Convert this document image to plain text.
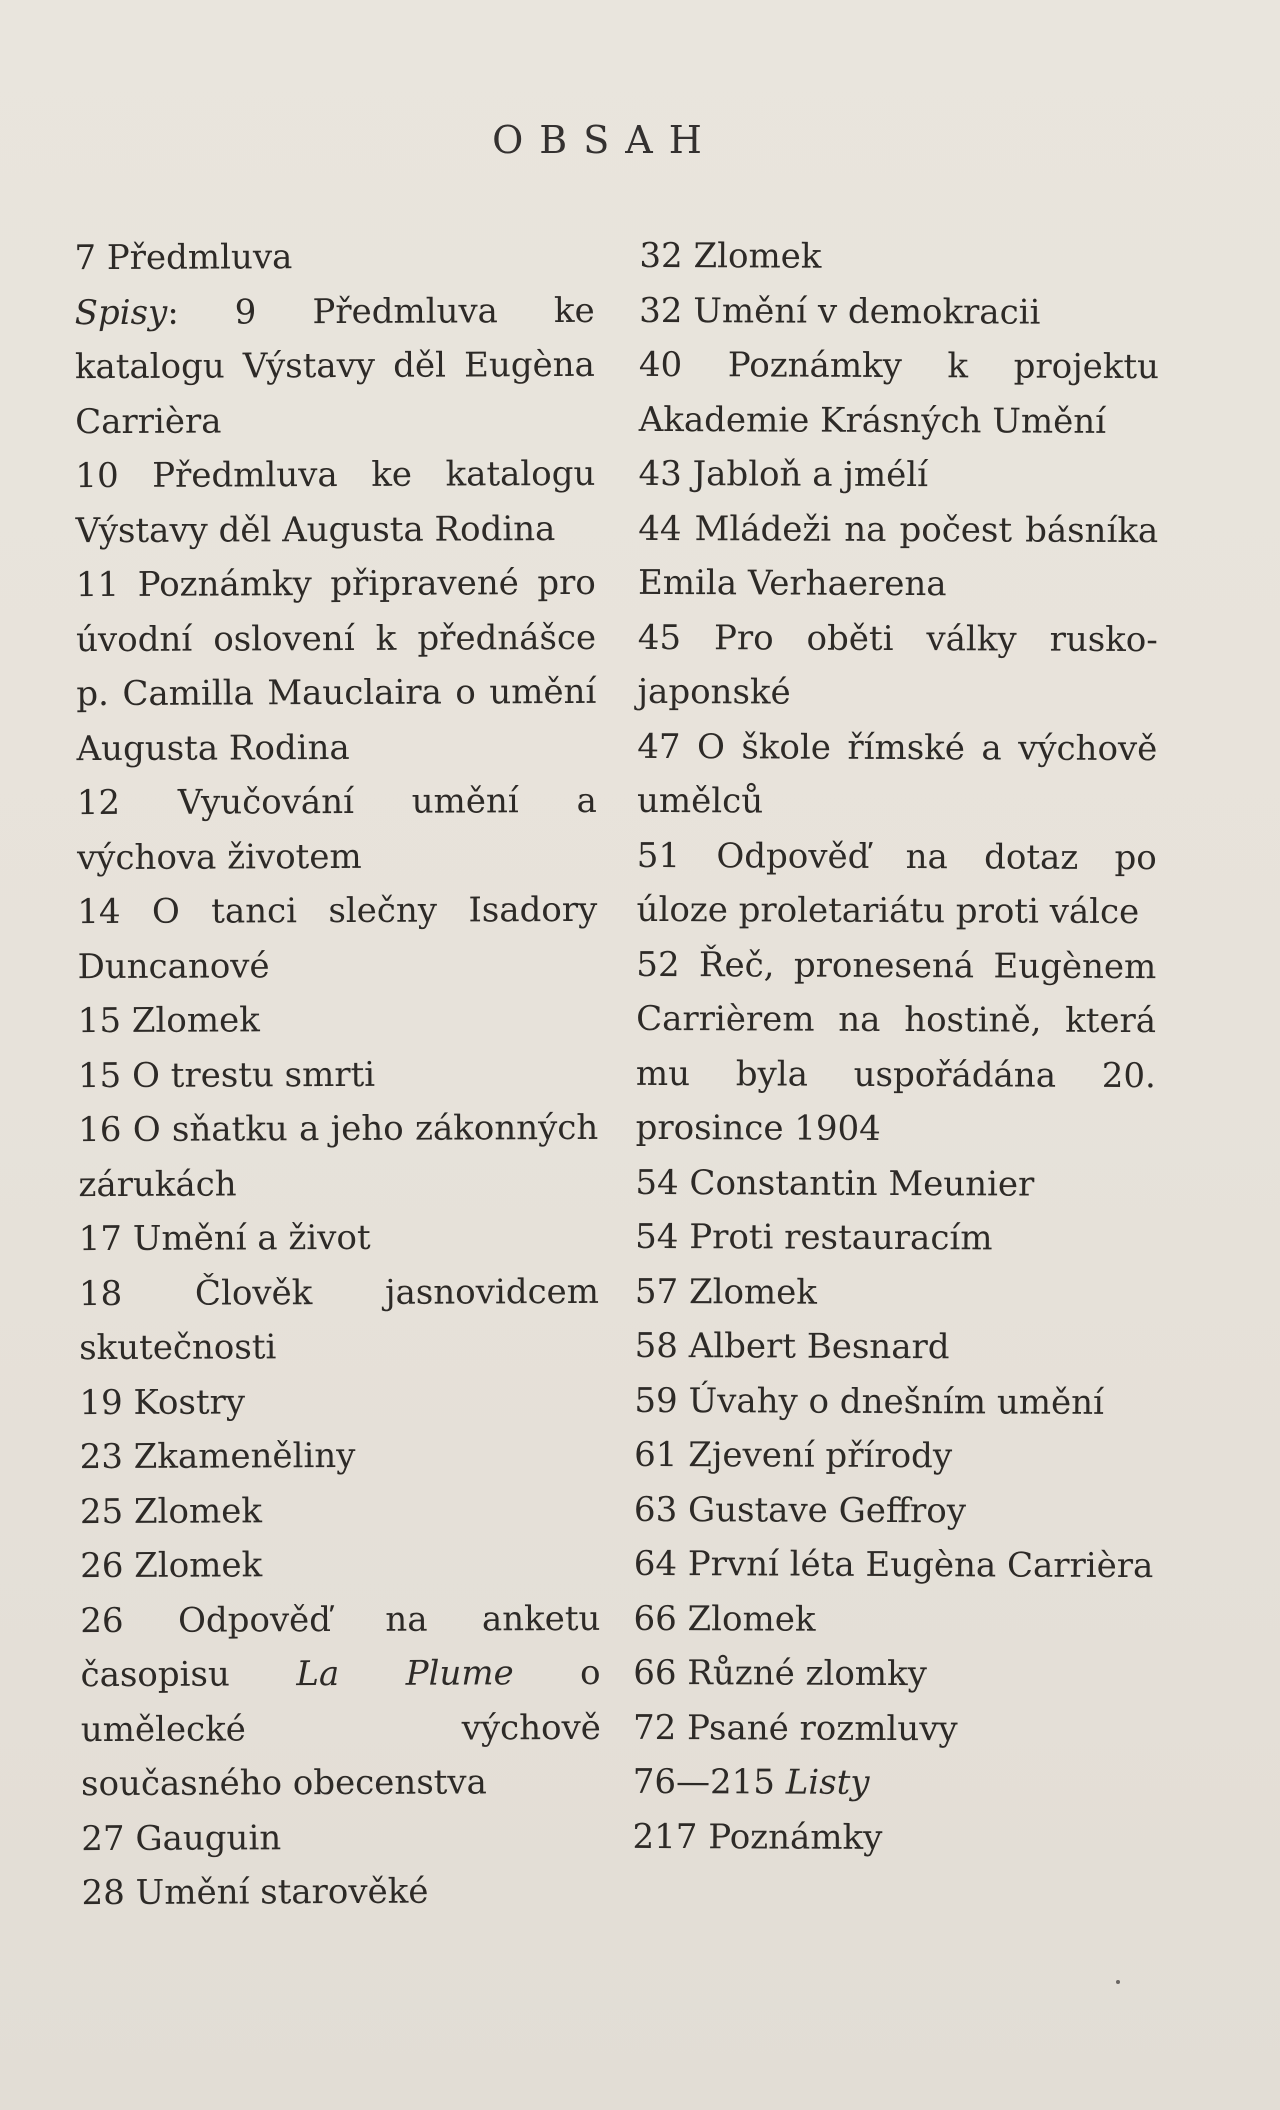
OBSAH

7 Předmluva

Spisy: 9 Předmluva ke katalogu Výstavy děl Eugèna Carrièra

10 Předmluva ke katalogu Výstavy děl Augusta Rodina

11 Poznámky připravené pro úvodní oslovení k přednášce p. Camilla Mauclaira o umění Augusta Rodina

12 Vyučování umění a výchova životem

14 O tanci slečny Isadory Duncanové

15 Zlomek

15 O trestu smrti

16 O sňatku a jeho zákonných zárukách

17 Umění a život

18 Člověk jasnovidcem skutečnosti

19 Kostry

23 Zkameněliny

25 Zlomek

26 Zlomek

26 Odpověď na anketu časopisu La Plume o umělecké výchově současného obecenstva

27 Gauguin

28 Umění starověké

32 Zlomek

32 Umění v demokracii

40 Poznámky k projektu Akademie Krásných Umění

43 Jabloň a jmélí

44 Mládeži na počest básníka Emila Verhaerena

45 Pro oběti války rusko-japonské

47 O škole římské a výchově umělců

51 Odpověď na dotaz po úloze proletariátu proti válce

52 Řeč, pronesená Eugènem Carrièrem na hostině, která mu byla uspořádána 20. prosince 1904

54 Constantin Meunier

54 Proti restauracím

57 Zlomek

58 Albert Besnard

59 Úvahy o dnešním umění

61 Zjevení přírody

63 Gustave Geffroy

64 První léta Eugèna Carrièra

66 Zlomek

66 Různé zlomky

72 Psané rozmluvy

76—215 Listy

217 Poznámky
